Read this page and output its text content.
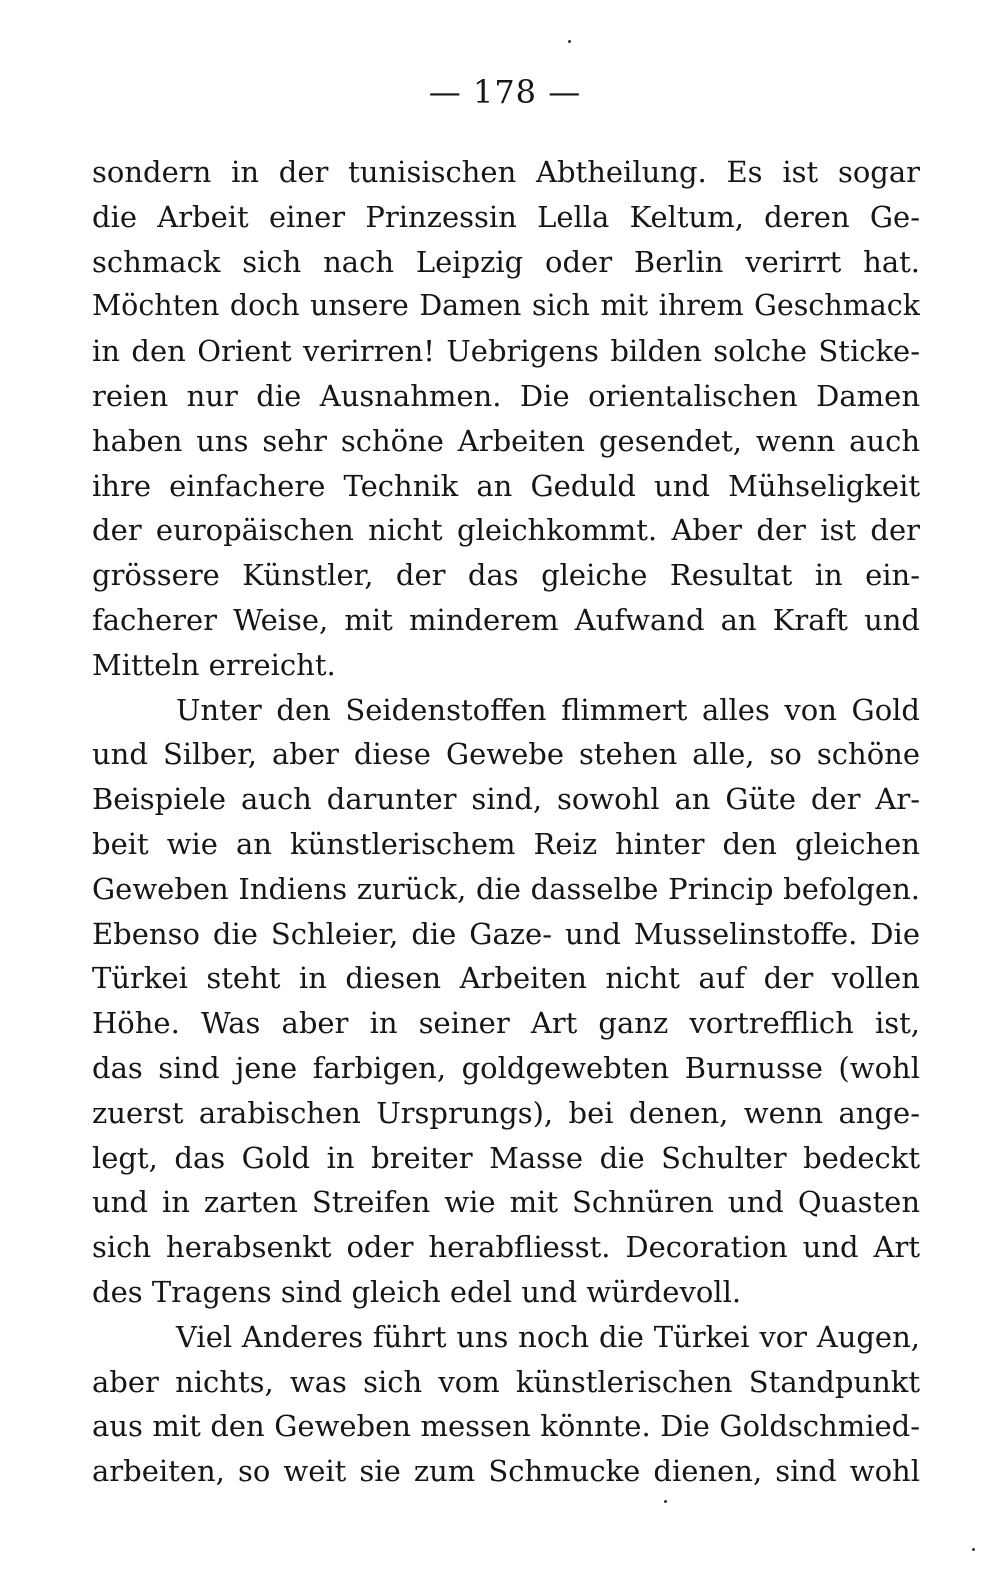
— 178 —
sondern in der tunisischen Abtheilung. Es ist sogar
die Arbeit einer Prinzessin Lella Keltum, deren Ge-
schmack sich nach Leipzig oder Berlin verirrt hat.
Möchten doch unsere Damen sich mit ihrem Geschmack
in den Orient verirren! Uebrigens bilden solche Sticke-
reien nur die Ausnahmen. Die orientalischen Damen
haben uns sehr schöne Arbeiten gesendet, wenn auch
ihre einfachere Technik an Geduld und Mühseligkeit
der europäischen nicht gleichkommt. Aber der ist der
grössere Künstler, der das gleiche Resultat in ein-
facherer Weise, mit minderem Aufwand an Kraft und
Mitteln erreicht.
Unter den Seidenstoffen flimmert alles von Gold
und Silber, aber diese Gewebe stehen alle, so schöne
Beispiele auch darunter sind, sowohl an Güte der Ar-
beit wie an künstlerischem Reiz hinter den gleichen
Geweben Indiens zurück, die dasselbe Princip befolgen.
Ebenso die Schleier, die Gaze- und Musselinstoffe. Die
Türkei steht in diesen Arbeiten nicht auf der vollen
Höhe. Was aber in seiner Art ganz vortrefflich ist,
das sind jene farbigen, goldgewebten Burnusse (wohl
zuerst arabischen Ursprungs), bei denen, wenn ange-
legt, das Gold in breiter Masse die Schulter bedeckt
und in zarten Streifen wie mit Schnüren und Quasten
sich herabsenkt oder herabfliesst. Decoration und Art
des Tragens sind gleich edel und würdevoll.
Viel Anderes führt uns noch die Türkei vor Augen,
aber nichts, was sich vom künstlerischen Standpunkt
aus mit den Geweben messen könnte. Die Goldschmied-
arbeiten, so weit sie zum Schmucke dienen, sind wohl
